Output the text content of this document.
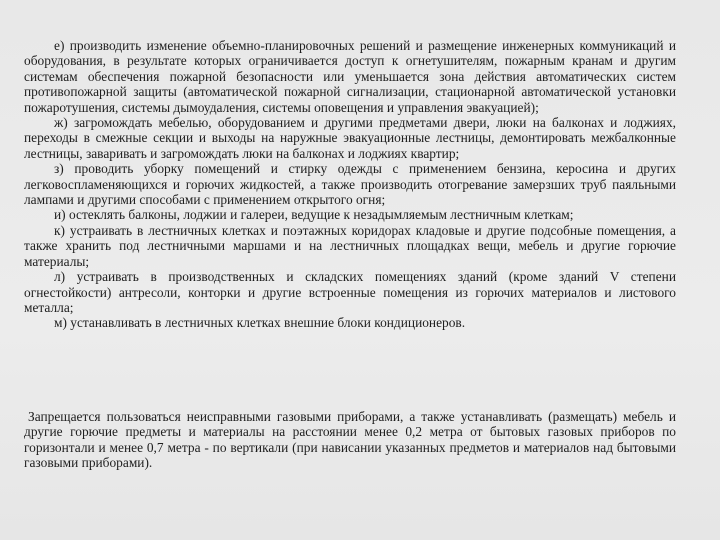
е) производить изменение объемно-планировочных решений и размещение инженерных коммуникаций и оборудования, в результате которых ограничивается доступ к огнетушителям, пожарным кранам и другим системам обеспечения пожарной безопасности или уменьшается зона действия автоматических систем противопожарной защиты (автоматической пожарной сигнализации, стационарной автоматической установки пожаротушения, системы дымоудаления, системы оповещения и управления эвакуацией);

ж) загромождать мебелью, оборудованием и другими предметами двери, люки на балконах и лоджиях, переходы в смежные секции и выходы на наружные эвакуационные лестницы, демонтировать межбалконные лестницы, заваривать и загромождать люки на балконах и лоджиях квартир;

з) проводить уборку помещений и стирку одежды с применением бензина, керосина и других легковоспламеняющихся и горючих жидкостей, а также производить отогревание замерзших труб паяльными лампами и другими способами с применением открытого огня;

и) остеклять балконы, лоджии и галереи, ведущие к незадымляемым лестничным клеткам;

к) устраивать в лестничных клетках и поэтажных коридорах кладовые и другие подсобные помещения, а также хранить под лестничными маршами и на лестничных площадках вещи, мебель и другие горючие материалы;

л) устраивать в производственных и складских помещениях зданий (кроме зданий V степени огнестойкости) антресоли, конторки и другие встроенные помещения из горючих материалов и листового металла;

м) устанавливать в лестничных клетках внешние блоки кондиционеров.

Запрещается пользоваться неисправными газовыми приборами, а также устанавливать (размещать) мебель и другие горючие предметы и материалы на расстоянии менее 0,2 метра от бытовых газовых приборов по горизонтали и менее 0,7 метра - по вертикали (при нависании указанных предметов и материалов над бытовыми газовыми приборами).
